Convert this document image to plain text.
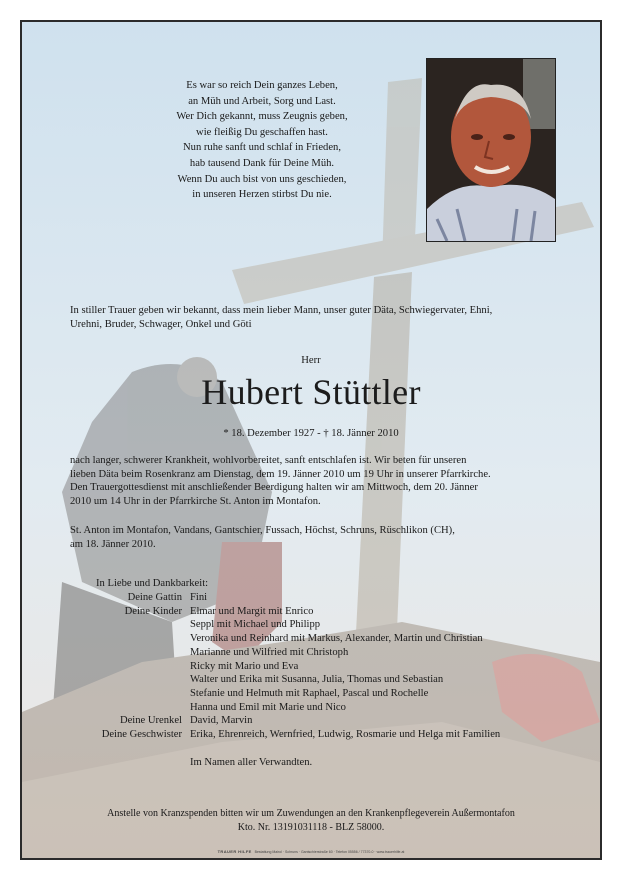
Es war so reich Dein ganzes Leben,
an Müh und Arbeit, Sorg und Last.
Wer Dich gekannt, muss Zeugnis geben,
wie fleißig Du geschaffen hast.
Nun ruhe sanft und schlaf in Frieden,
hab tausend Dank für Deine Müh.
Wenn Du auch bist von uns geschieden,
in unseren Herzen stirbst Du nie.
In stiller Trauer geben wir bekannt, dass mein lieber Mann, unser guter Däta, Schwiegervater, Ehni,
Urehni, Bruder, Schwager, Onkel und Göti
Herr
Hubert Stüttler
* 18. Dezember 1927 - † 18. Jänner 2010
nach langer, schwerer Krankheit, wohlvorbereitet, sanft entschlafen ist. Wir beten für unseren
lieben Däta beim Rosenkranz am Dienstag, dem 19. Jänner 2010 um 19 Uhr in unserer Pfarrkirche.
Den Trauergottesdienst mit anschließender Beerdigung halten wir am Mittwoch, dem 20. Jänner
2010 um 14 Uhr in der Pfarrkirche St. Anton im Montafon.
St. Anton im Montafon, Vandans, Gantschier, Fussach, Höchst, Schruns, Rüschlikon (CH),
am 18. Jänner 2010.
In Liebe und Dankbarkeit:
Deine Gattin Fini
Deine Kinder Elmar und Margit mit Enrico
Seppl mit Michael und Philipp
Veronika und Reinhard mit Markus, Alexander, Martin und Christian
Marianne und Wilfried mit Christoph
Ricky mit Mario und Eva
Walter und Erika mit Susanna, Julia, Thomas und Sebastian
Stefanie und Helmuth mit Raphael, Pascal und Rochelle
Hanna und Emil mit Marie und Nico
Deine Urenkel David, Marvin
Deine Geschwister Erika, Ehrenreich, Wernfried, Ludwig, Rosmarie und Helga mit Familien
Im Namen aller Verwandten.
Anstelle von Kranzspenden bitten wir um Zuwendungen an den Krankenpflegeverein Außermontafon
Kto. Nr. 13191031118 - BLZ 58000.
TRAUER HILFE Bestattung Mairol · Schruns · Gantschierstraße 60 · Telefon 05556 / 77370-0 · www.trauerhilfe.at
